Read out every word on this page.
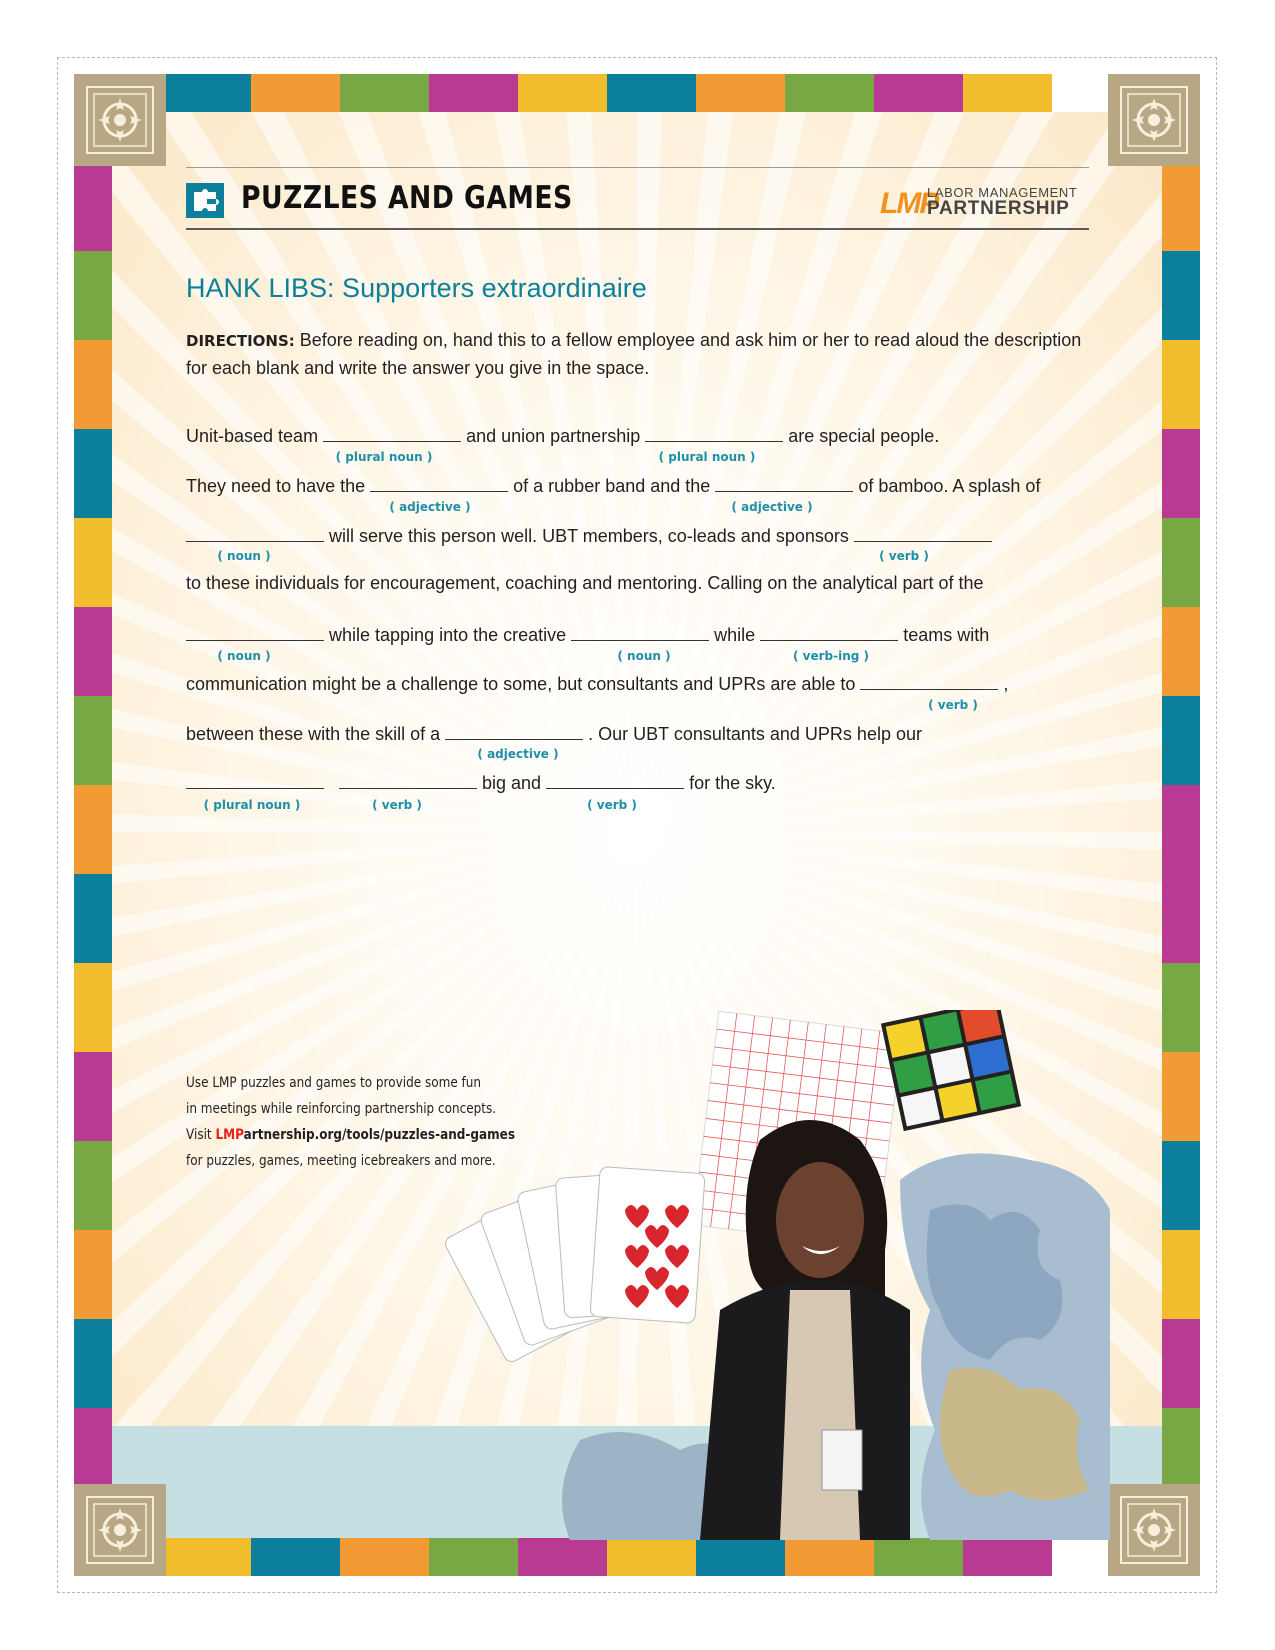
PUZZLES AND GAMES	LMP
LABOR MANAGEMENT
PARTNERSHIP
HANK LIBS: Supporters extraordinaire
DIRECTIONS: Before reading on, hand this to a fellow employee and ask him or her to read aloud the description for each blank and write the answer you give in the space.
Unit-based team	and union partnership	are special people.
( plural noun )	( plural noun )
They need to have the	of a rubber band and the	of bamboo. A splash of
( adjective )	( adjective )
will serve this person well. UBT members, co-leads and sponsors
( noun )	( verb )
to these individuals for encouragement, coaching and mentoring. Calling on the analytical part of the
while tapping into the creative	while	teams with
( noun )	( noun )	( verb-ing )
communication might be a challenge to some, but consultants and UPRs are able to	,
( verb )
between these with the skill of a	. Our UBT consultants and UPRs help our
( adjective )
big and	for the sky.
( plural noun )	( verb )	( verb )
Use LMP puzzles and games to provide some fun
in meetings while reinforcing partnership concepts.
Visit LMPartnership.org/tools/puzzles-and-games
for puzzles, games, meeting icebreakers and more.
